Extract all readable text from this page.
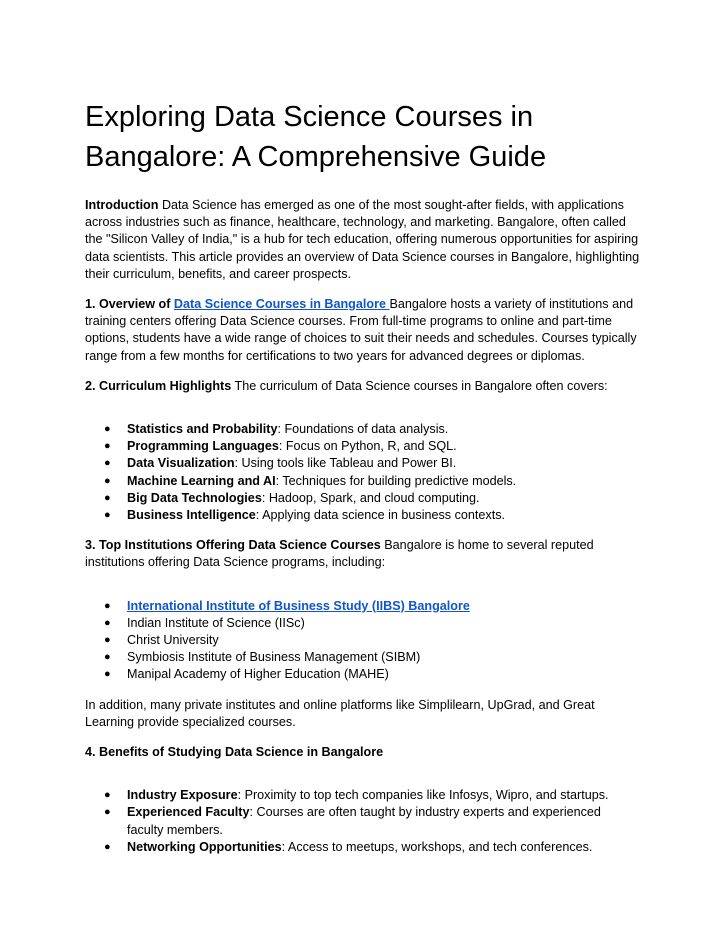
Exploring Data Science Courses in Bangalore: A Comprehensive Guide

Introduction Data Science has emerged as one of the most sought-after fields, with applications across industries such as finance, healthcare, technology, and marketing. Bangalore, often called the "Silicon Valley of India," is a hub for tech education, offering numerous opportunities for aspiring data scientists. This article provides an overview of Data Science courses in Bangalore, highlighting their curriculum, benefits, and career prospects.

1. Overview of Data Science Courses in Bangalore Bangalore hosts a variety of institutions and training centers offering Data Science courses. From full-time programs to online and part-time options, students have a wide range of choices to suit their needs and schedules. Courses typically range from a few months for certifications to two years for advanced degrees or diplomas.

2. Curriculum Highlights The curriculum of Data Science courses in Bangalore often covers:

● Statistics and Probability: Foundations of data analysis.
● Programming Languages: Focus on Python, R, and SQL.
● Data Visualization: Using tools like Tableau and Power BI.
● Machine Learning and AI: Techniques for building predictive models.
● Big Data Technologies: Hadoop, Spark, and cloud computing.
● Business Intelligence: Applying data science in business contexts.

3. Top Institutions Offering Data Science Courses Bangalore is home to several reputed institutions offering Data Science programs, including:

● International Institute of Business Study (IIBS) Bangalore
● Indian Institute of Science (IISc)
● Christ University
● Symbiosis Institute of Business Management (SIBM)
● Manipal Academy of Higher Education (MAHE)

In addition, many private institutes and online platforms like Simplilearn, UpGrad, and Great Learning provide specialized courses.

4. Benefits of Studying Data Science in Bangalore

● Industry Exposure: Proximity to top tech companies like Infosys, Wipro, and startups.
● Experienced Faculty: Courses are often taught by industry experts and experienced faculty members.
● Networking Opportunities: Access to meetups, workshops, and tech conferences.
